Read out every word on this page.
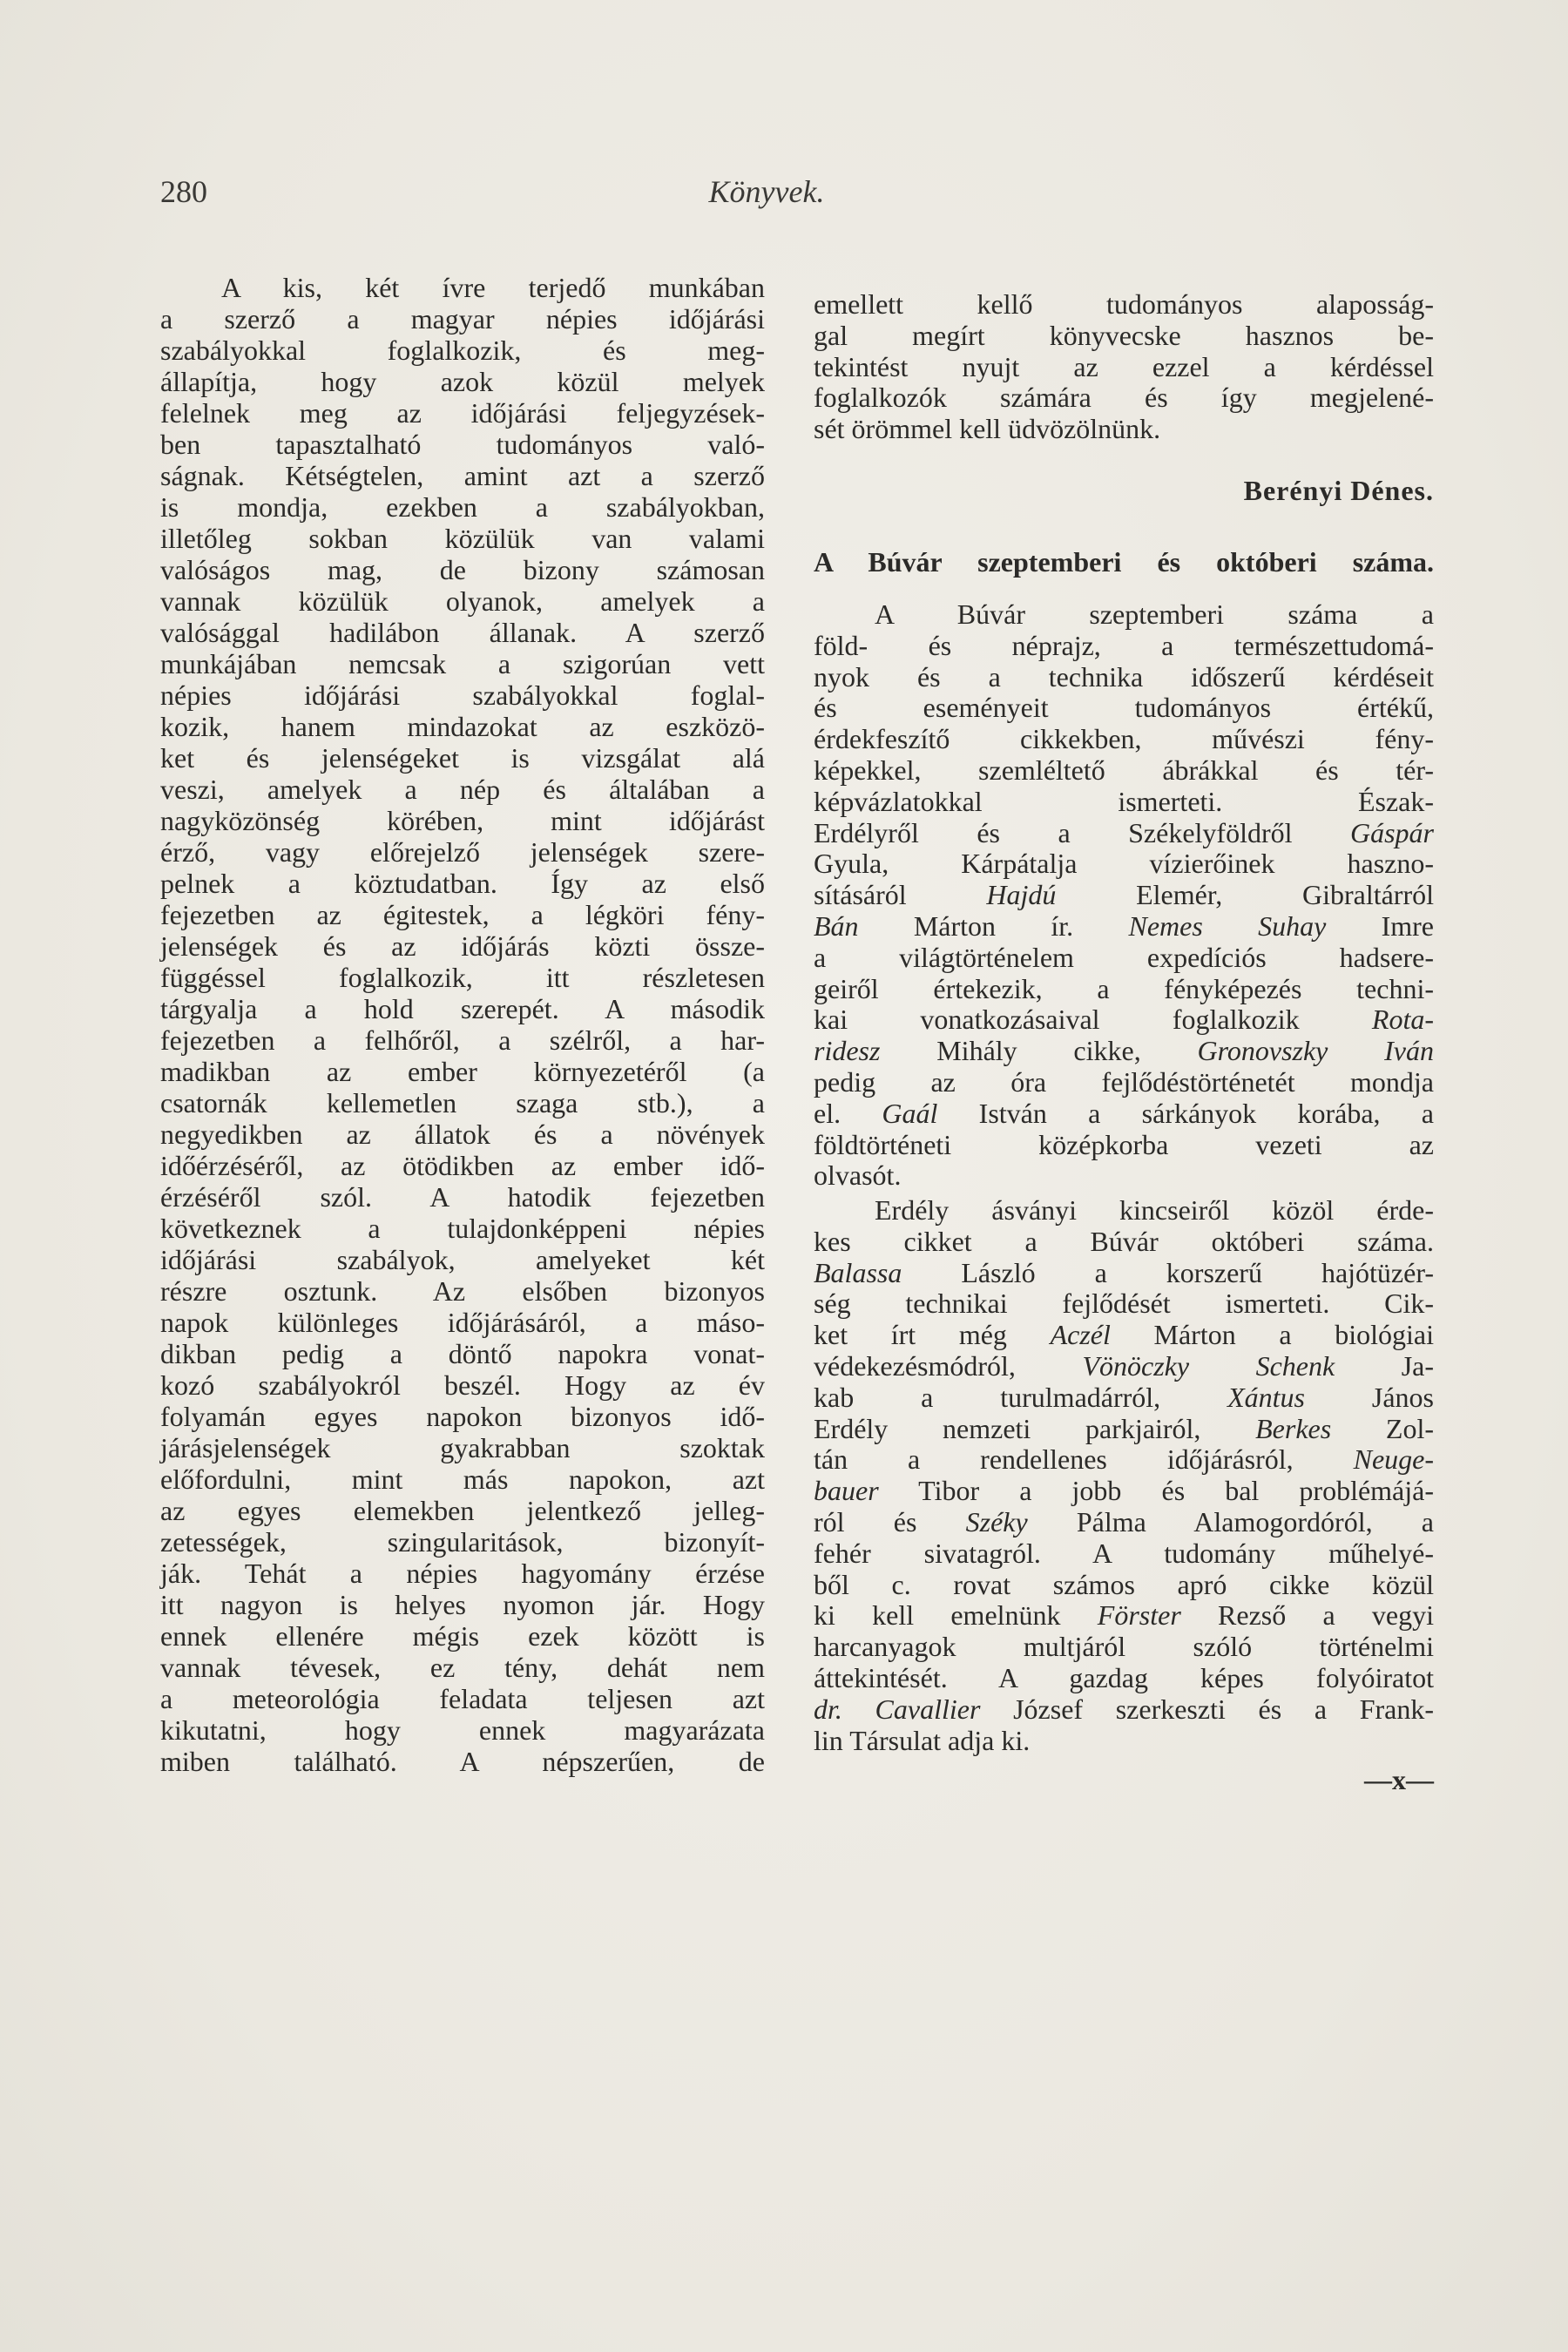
280	Könyvek.
A kis, két ívre terjedő munkában
a szerző a magyar népies időjárási
szabályokkal foglalkozik, és meg-
állapítja, hogy azok közül melyek
felelnek meg az időjárási feljegyzések-
ben tapasztalható tudományos való-
ságnak. Kétségtelen, amint azt a szerző
is mondja, ezekben a szabályokban,
illetőleg sokban közülük van valami
valóságos mag, de bizony számosan
vannak közülük olyanok, amelyek a
valósággal hadilábon állanak. A szerző
munkájában nemcsak a szigorúan vett
népies időjárási szabályokkal foglal-
kozik, hanem mindazokat az eszközö-
ket és jelenségeket is vizsgálat alá
veszi, amelyek a nép és általában a
nagyközönség körében, mint időjárást
érző, vagy előrejelző jelenségek szere-
pelnek a köztudatban. Így az első
fejezetben az égitestek, a légköri fény-
jelenségek és az időjárás közti össze-
függéssel foglalkozik, itt részletesen
tárgyalja a hold szerepét. A második
fejezetben a felhőről, a szélről, a har-
madikban az ember környezetéről (a
csatornák kellemetlen szaga stb.), a
negyedikben az állatok és a növények
időérzéséről, az ötödikben az ember idő-
érzéséről szól. A hatodik fejezetben
következnek a tulajdonképpeni népies
időjárási szabályok, amelyeket két
részre osztunk. Az elsőben bizonyos
napok különleges időjárásáról, a máso-
dikban pedig a döntő napokra vonat-
kozó szabályokról beszél. Hogy az év
folyamán egyes napokon bizonyos idő-
járásjelenségek gyakrabban szoktak
előfordulni, mint más napokon, azt
az egyes elemekben jelentkező jelleg-
zetességek, szingularitások, bizonyít-
ják. Tehát a népies hagyomány érzése
itt nagyon is helyes nyomon jár. Hogy
ennek ellenére mégis ezek között is
vannak tévesek, ez tény, dehát nem
a meteorológia feladata teljesen azt
kikutatni, hogy ennek magyarázata
miben található. A népszerűen, de
emellett kellő tudományos alaposság-
gal megírt könyvecske hasznos be-
tekintést nyujt az ezzel a kérdéssel
foglalkozók számára és így megjelené-
sét örömmel kell üdvözölnünk.
Berényi Dénes.
A Búvár szeptemberi és októberi száma.
A Búvár szeptemberi száma a
föld- és néprajz, a természettudomá-
nyok és a technika időszerű kérdéseit
és eseményeit tudományos értékű,
érdekfeszítő cikkekben, művészi fény-
képekkel, szemléltető ábrákkal és tér-
képvázlatokkal ismerteti. Észak-
Erdélyről és a Székelyföldről Gáspár
Gyula, Kárpátalja vízierőinek haszno-
sításáról Hajdú Elemér, Gibraltárról
Bán Márton ír. Nemes Suhay Imre
a világtörténelem expedíciós hadsere-
geiről értekezik, a fényképezés techni-
kai vonatkozásaival foglalkozik Rota-
ridesz Mihály cikke, Gronovszky Iván
pedig az óra fejlődéstörténetét mondja
el. Gaál István a sárkányok korába, a
földtörténeti középkorba vezeti az
olvasót.
Erdély ásványi kincseiről közöl érde-
kes cikket a Búvár októberi száma.
Balassa László a korszerű hajótüzér-
ség technikai fejlődését ismerteti. Cik-
ket írt még Aczél Márton a biológiai
védekezésmódról, Vönöczky Schenk Ja-
kab a turulmadárról, Xántus János
Erdély nemzeti parkjairól, Berkes Zol-
tán a rendellenes időjárásról, Neuge-
bauer Tibor a jobb és bal problémájá-
ról és Széky Pálma Alamogordóról, a
fehér sivatagról. A tudomány műhelyé-
ből c. rovat számos apró cikke közül
ki kell emelnünk Förster Rezső a vegyi
harcanyagok multjáról szóló történelmi
áttekintését. A gazdag képes folyóiratot
dr. Cavallier József szerkeszti és a Frank-
lin Társulat adja ki.
—x—
